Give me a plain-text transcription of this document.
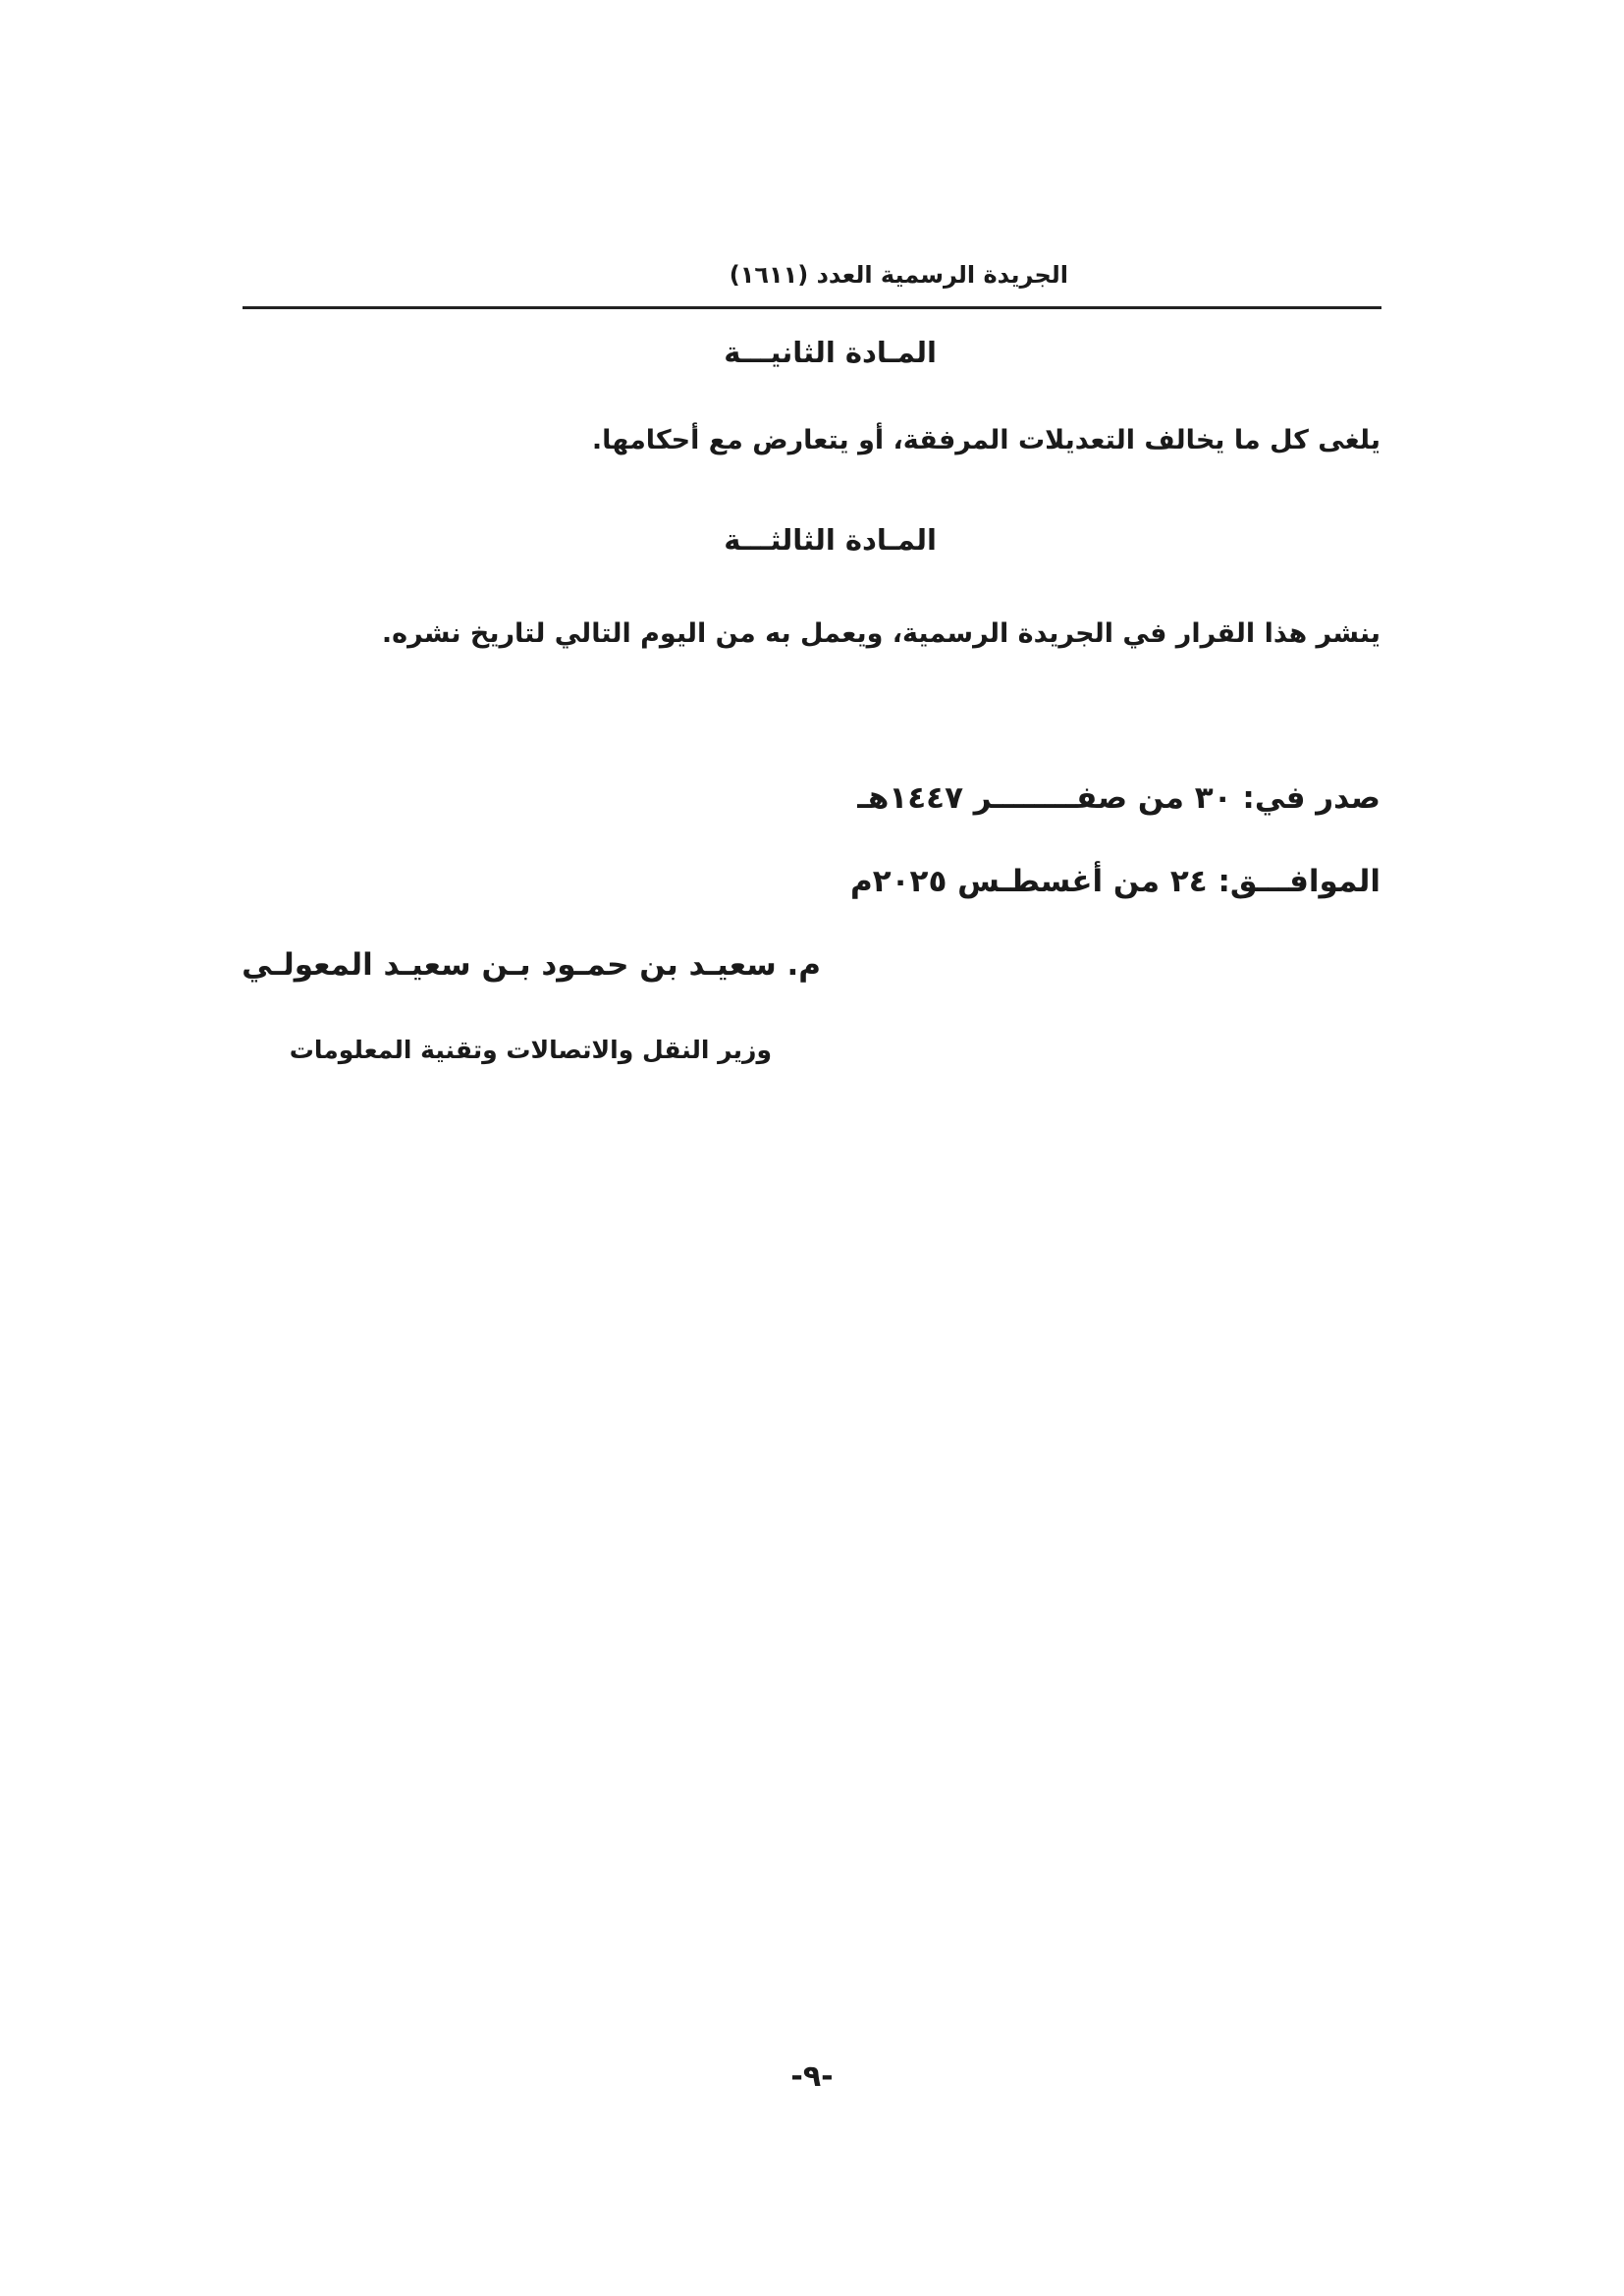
الجريدة الرسمية العدد (١٦١١)
المـادة الثانيـــة
يلغى كل ما يخالف التعديلات المرفقة، أو يتعارض مع أحكامها.
المـادة الثالثـــة
ينشر هذا القرار في الجريدة الرسمية، ويعمل به من اليوم التالي لتاريخ نشره.
صدر في: ٣٠ من صفــــــــر ١٤٤٧هـ
الموافـــق: ٢٤ من أغسطـس ٢٠٢٥م
م. سعيـد بن حمـود بـن سعيـد المعولـي
وزير النقل والاتصالات وتقنية المعلومات
-٩-
